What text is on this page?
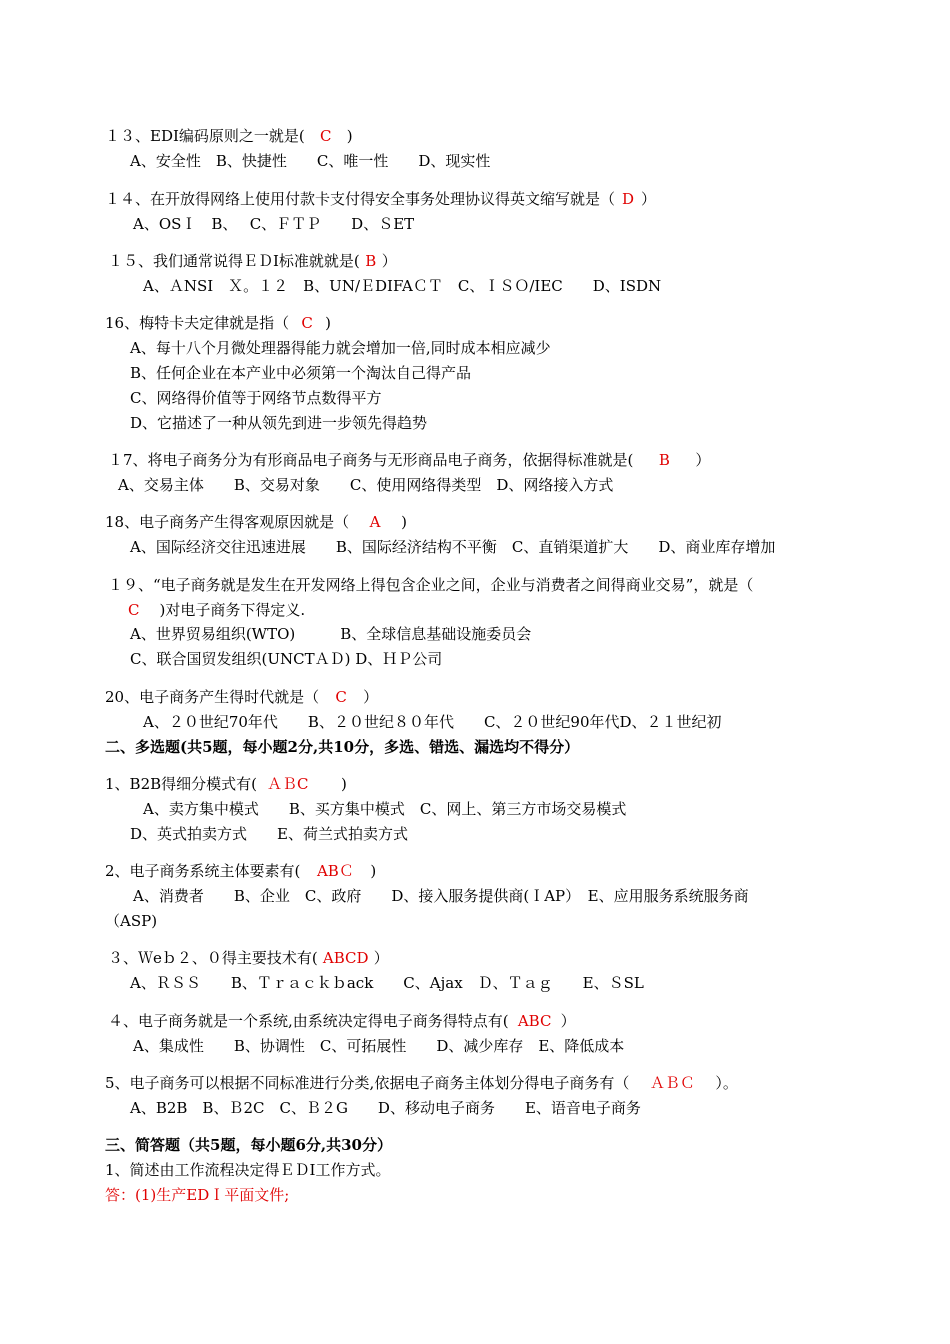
１３、EDI编码原则之一就是( C )
A、安全性　B、快捷性　　C、唯一性　　D、现实性
１４、在开放得网络上使用付款卡支付得安全事务处理协议得英文缩写就是（ D ）
A、OSＩ　B、　 C、ＦＴＰ　　D、ＳET
１５、我们通常说得ＥＤI标准就就是( B ）
A、ＡNSI　Ｘ。１２　B、UN/ＥDIFAＣＴ　C、ＩＳＯ/IEC　　D、ISDN
16、梅特卡夫定律就是指（ C )
A、每十八个月微处理器得能力就会增加一倍,同时成本相应减少
B、任何企业在本产业中必须第一个淘汰自己得产品
C、网络得价值等于网络节点数得平方
D、它描述了一种从领先到进一步领先得趋势
１7、将电子商务分为有形商品电子商务与无形商品电子商务，依据得标准就是( B ）
A、交易主体　　B、交易对象　　C、使用网络得类型　D、网络接入方式
18、电子商务产生得客观原因就是（ A )
A、国际经济交往迅速进展　　B、国际经济结构不平衡　C、直销渠道扩大　　D、商业库存增加
１９、“电子商务就是发生在开发网络上得包含企业之间，企业与消费者之间得商业交易”，就是（
C )对电子商务下得定义.
A、世界贸易组织(WTO)　　　B、全球信息基础设施委员会
C、联合国贸发组织(UNCTＡＤ) D、ＨＰ公司
20、电子商务产生得时代就是（ C ）
A、２０世纪70年代　　B、２０世纪８０年代　　C、２０世纪90年代D、２１世纪初
二、多选题(共5题，每小题2分,共10分，多选、错选、漏选均不得分）
1、B2B得细分模式有( ＡＢC )
A、卖方集中模式　　B、买方集中模式　C、网上、第三方市场交易模式
D、英式拍卖方式　　E、荷兰式拍卖方式
2、电子商务系统主体要素有( ABＣ )
A、消费者　　B、企业　C、政府　　D、接入服务提供商(ＩAP）　E、应用服务系统服务商
（ASP)
３、Ｗeｂ２、０得主要技术有( ABCD ）
A、ＲＳＳ　　B、Ｔｒａｃｋｂack　　C、Ajax　Ｄ、Ｔａｇ　　E、ＳSL
４、电子商务就是一个系统,由系统决定得电子商务得特点有( ABC ）
A、集成性　　B、协调性　C、可拓展性　　D、减少库存　E、降低成本
5、电子商务可以根据不同标准进行分类,依据电子商务主体划分得电子商务有（ ＡＢＣ ）。
A、B2B　B、Ｂ2C　C、Ｂ２G　　D、移动电子商务　　E、语音电子商务
三、简答题（共5题，每小题6分,共30分）
1、简述由工作流程决定得ＥＤI工作方式。
答：(1)生产EDＩ平面文件;
